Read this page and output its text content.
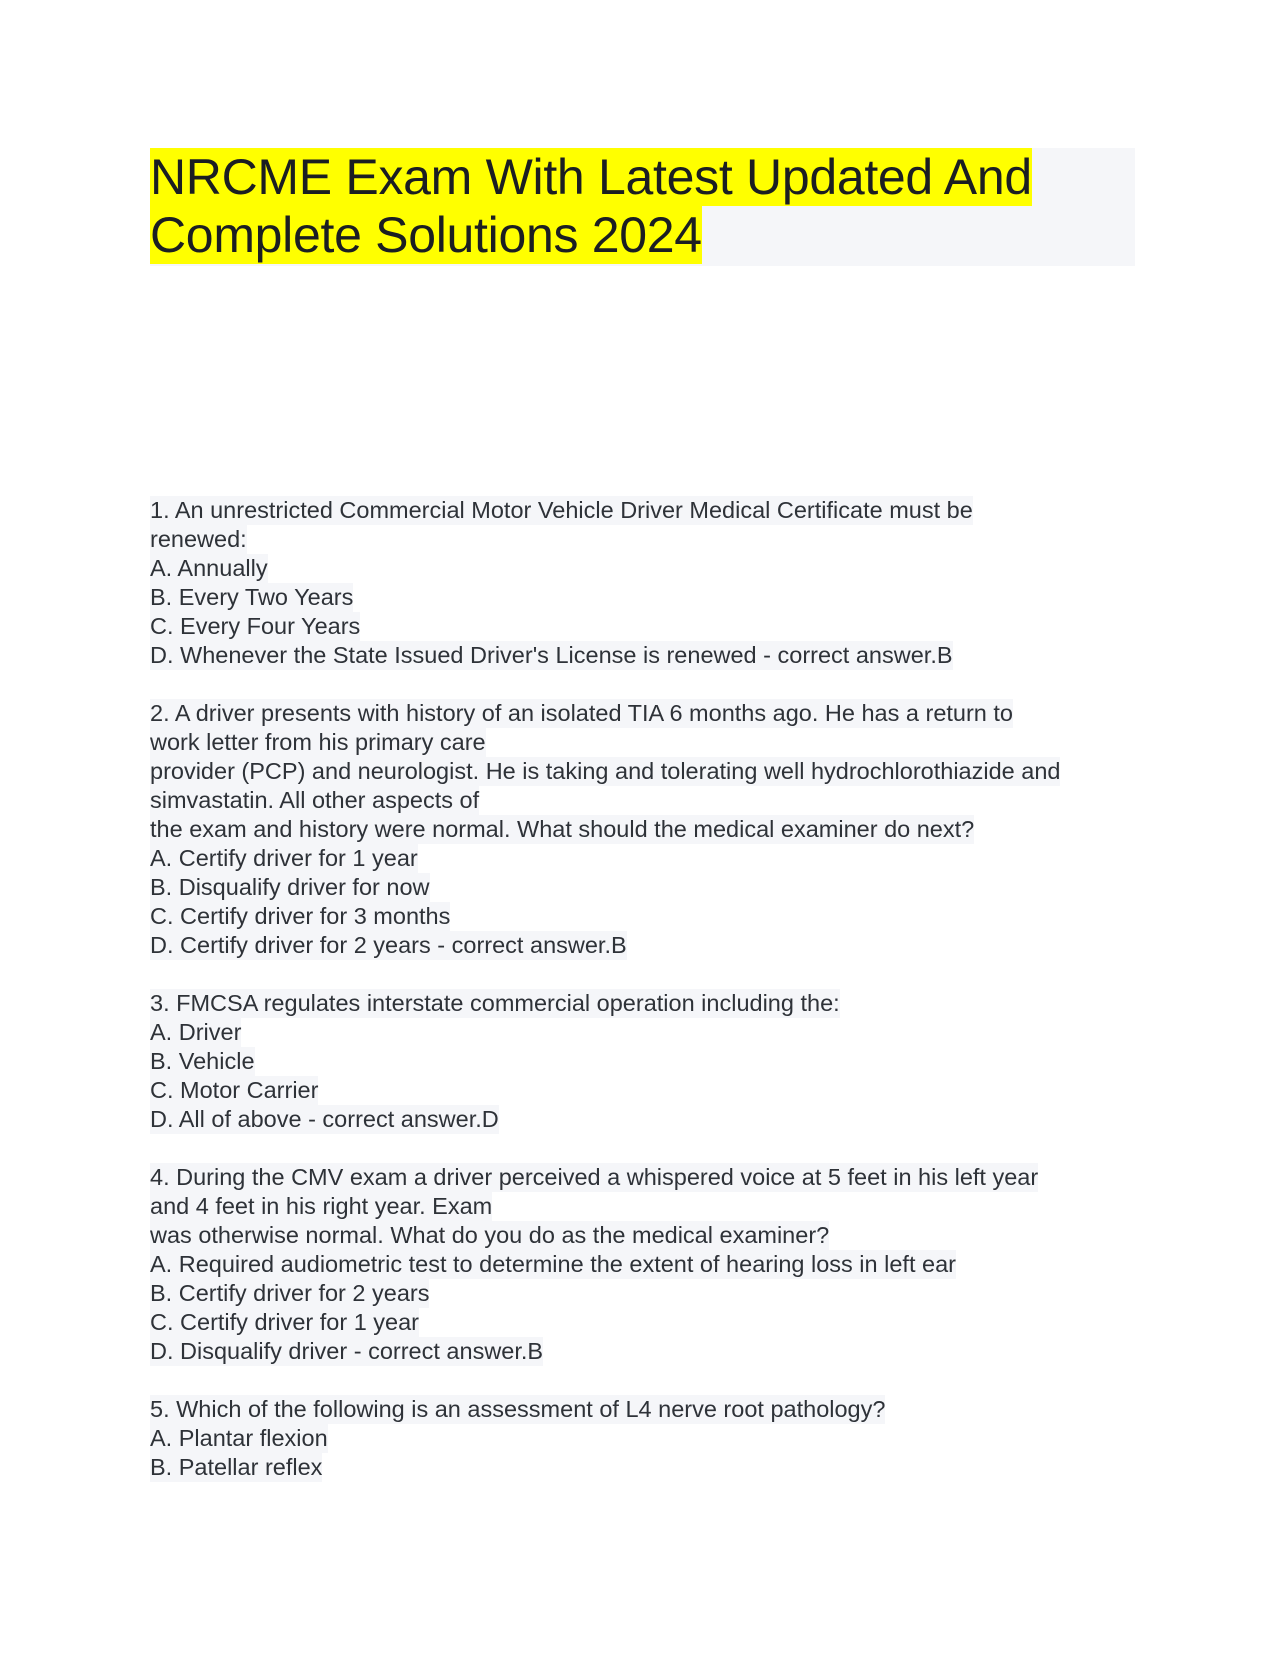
NRCME Exam With Latest Updated And
Complete Solutions 2024
1. An unrestricted Commercial Motor Vehicle Driver Medical Certificate must be
renewed:
A. Annually
B. Every Two Years
C. Every Four Years
D. Whenever the State Issued Driver's License is renewed - correct answer.B
2. A driver presents with history of an isolated TIA 6 months ago. He has a return to
work letter from his primary care
provider (PCP) and neurologist. He is taking and tolerating well hydrochlorothiazide and
simvastatin. All other aspects of
the exam and history were normal. What should the medical examiner do next?
A. Certify driver for 1 year
B. Disqualify driver for now
C. Certify driver for 3 months
D. Certify driver for 2 years - correct answer.B
3. FMCSA regulates interstate commercial operation including the:
A. Driver
B. Vehicle
C. Motor Carrier
D. All of above - correct answer.D
4. During the CMV exam a driver perceived a whispered voice at 5 feet in his left year
and 4 feet in his right year. Exam
was otherwise normal. What do you do as the medical examiner?
A. Required audiometric test to determine the extent of hearing loss in left ear
B. Certify driver for 2 years
C. Certify driver for 1 year
D. Disqualify driver - correct answer.B
5. Which of the following is an assessment of L4 nerve root pathology?
A. Plantar flexion
B. Patellar reflex
